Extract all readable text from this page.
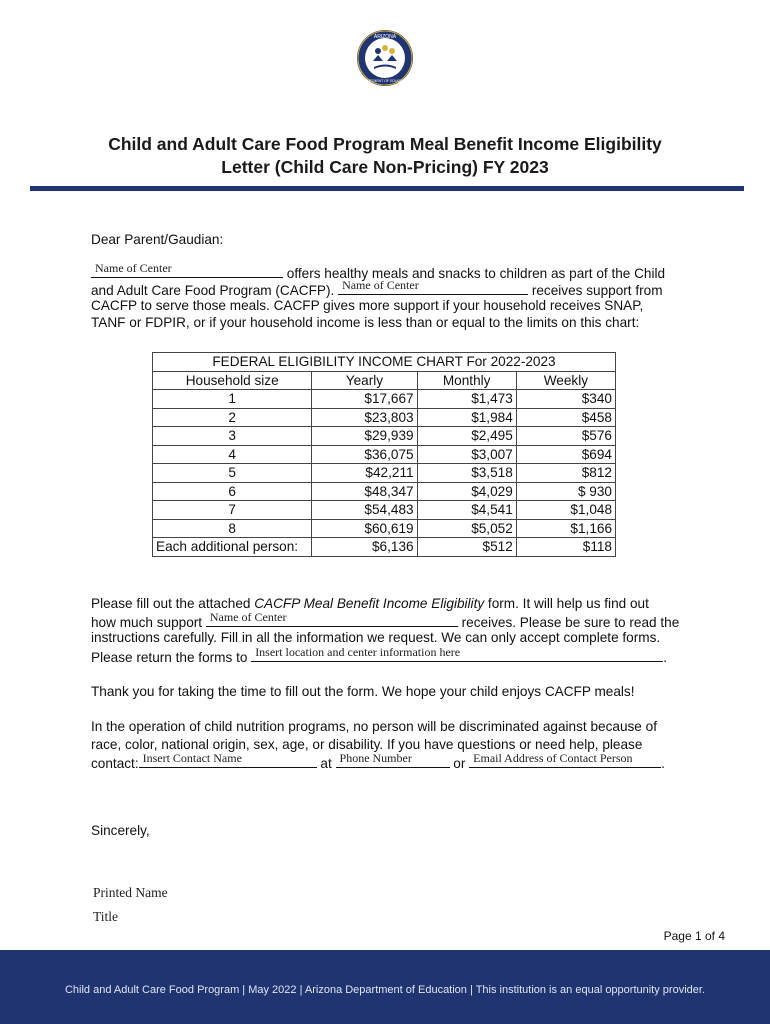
ARIZONA
DEPARTMENT OF EDUCATION
Child and Adult Care Food Program Meal Benefit Income Eligibility
Letter (Child Care Non-Pricing) FY 2023
Dear Parent/Gaudian:
Name of Center	offers healthy meals and snacks to children as part of the Child
and Adult Care Food Program (CACFP). Name of Center	receives support from
CACFP to serve those meals. CACFP gives more support if your household receives SNAP,
TANF or FDPIR, or if your household income is less than or equal to the limits on this chart:
FEDERAL ELIGIBILITY INCOME CHART For 2022-2023			
Household size	Yearly	Monthly	Weekly
1	$17,667	$1,473	$340
2	$23,803	$1,984	$458
3	$29,939	$2,495	$576
4	$36,075	$3,007	$694
5	$42,211	$3,518	$812
6	$48,347	$4,029	$ 930
7	$54,483	$4,541	$1,048
8	$60,619	$5,052	$1,166
Each additional person:	$6,136	$512	$118
Please fill out the attached CACFP Meal Benefit Income Eligibility form. It will help us find out
how much support Name of Center	receives. Please be sure to read the
instructions carefully. Fill in all the information we request. We can only accept complete forms.
Please return the forms to Insert location and center information here	.
Thank you for taking the time to fill out the form. We hope your child enjoys CACFP meals!
In the operation of child nutrition programs, no person will be discriminated against because of
race, color, national origin, sex, age, or disability. If you have questions or need help, please
contact: Insert Contact Name	at Phone Number	or Email Address of Contact Person .
Sincerely,
Printed Name
Title
Page 1 of 4
Child and Adult Care Food Program | May 2022 | Arizona Department of Education | This institution is an equal opportunity provider.
